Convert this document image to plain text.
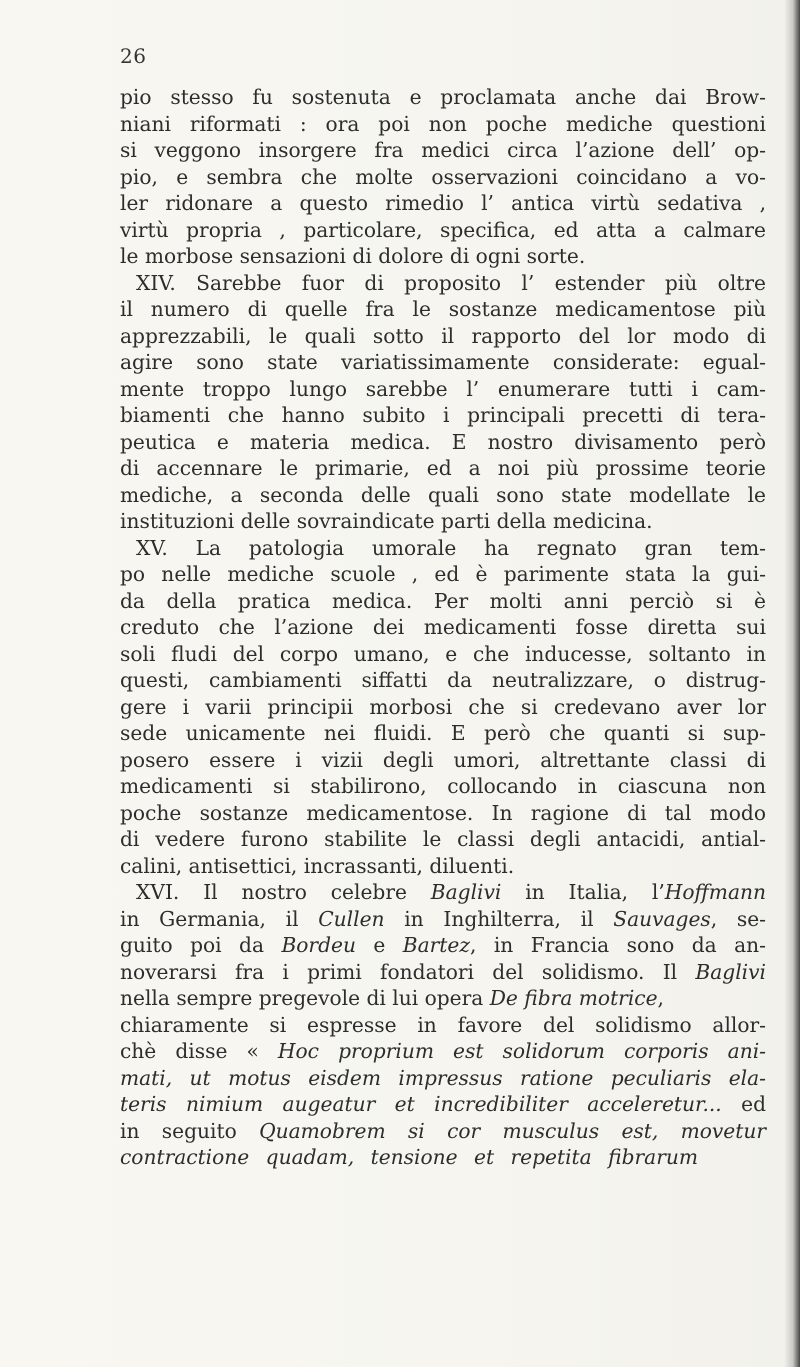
26

pio stesso fu sostenuta e proclamata anche dai Brow-

niani riformati : ora poi non poche mediche questioni

si veggono insorgere fra medici circa l’azione dell’ op-

pio, e sembra che molte osservazioni coincidano a vo-

ler ridonare a questo rimedio l’ antica virtù sedativa ,

virtù propria , particolare, specifica, ed atta a calmare

le morbose sensazioni di dolore di ogni sorte.

XIV. Sarebbe fuor di proposito l’ estender più oltre

il numero di quelle fra le sostanze medicamentose più

apprezzabili, le quali sotto il rapporto del lor modo di

agire sono state variatissimamente considerate: egual-

mente troppo lungo sarebbe l’ enumerare tutti i cam-

biamenti che hanno subito i principali precetti di tera-

peutica e materia medica. E nostro divisamento però

di accennare le primarie, ed a noi più prossime teorie

mediche, a seconda delle quali sono state modellate le

instituzioni delle sovraindicate parti della medicina.

XV. La patologia umorale ha regnato gran tem-

po nelle mediche scuole , ed è parimente stata la gui-

da della pratica medica. Per molti anni perciò si è

creduto che l’azione dei medicamenti fosse diretta sui

soli fludi del corpo umano, e che inducesse, soltanto in

questi, cambiamenti siffatti da neutralizzare, o distrug-

gere i varii principii morbosi che si credevano aver lor

sede unicamente nei fluidi. E però che quanti si sup-

posero essere i vizii degli umori, altrettante classi di

medicamenti si stabilirono, collocando in ciascuna non

poche sostanze medicamentose. In ragione di tal modo

di vedere furono stabilite le classi degli antacidi, antial-

calini, antisettici, incrassanti, diluenti.

XVI. Il nostro celebre Baglivi in Italia, l’Hoffmann

in Germania, il Cullen in Inghilterra, il Sauvages, se-

guito poi da Bordeu e Bartez, in Francia sono da an-

noverarsi fra i primi fondatori del solidismo. Il Baglivi

nella sempre pregevole di lui opera De fibra motrice,

chiaramente si espresse in favore del solidismo allor-

chè disse « Hoc proprium est solidorum corporis ani-

mati, ut motus eisdem impressus ratione peculiaris ela-

teris nimium augeatur et incredibiliter acceleretur... ed

in seguito Quamobrem si cor musculus est, movetur

contractione quadam, tensione et repetita fibrarum
